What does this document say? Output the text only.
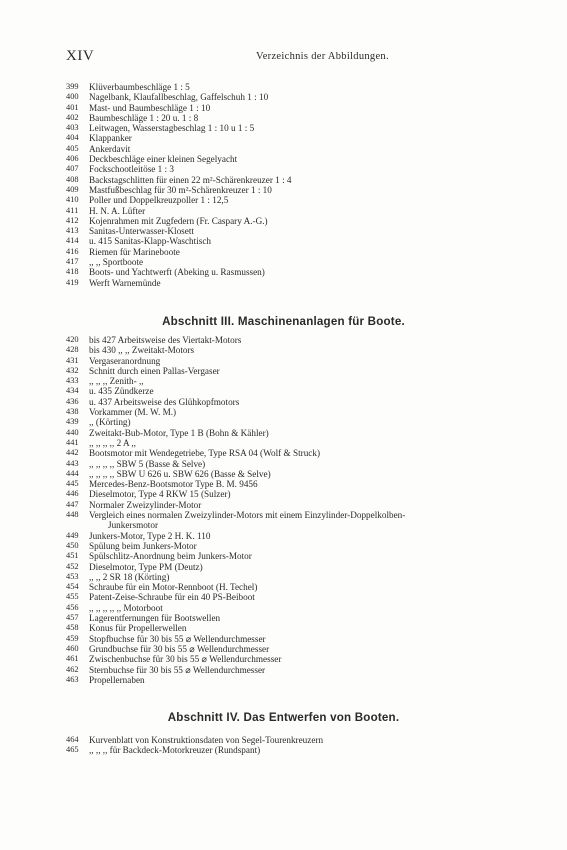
XIV	Verzeichnis der Abbildungen.
399	Klüverbaumbeschläge 1 : 5
400	Nagelbank, Klaufallbeschlag, Gaffelschuh 1 : 10
401	Mast- und Baumbeschläge 1 : 10
402	Baumbeschläge 1 : 20 u. 1 : 8
403	Leitwagen, Wasserstagbeschlag 1 : 10 u 1 : 5
404	Klappanker
405	Ankerdavit
406	Deckbeschläge einer kleinen Segelyacht
407	Fockschootleitöse 1 : 3
408	Backstagschlitten für einen 22 m²-Schärenkreuzer 1 : 4
409	Mastfußbeschlag für 30 m²-Schärenkreuzer 1 : 10
410	Poller und Doppelkreuzpoller 1 : 12,5
411	H. N. A. Lüfter
412	Kojenrahmen mit Zugfedern (Fr. Caspary A.-G.)
413	Sanitas-Unterwasser-Klosett
414	u. 415 Sanitas-Klapp-Waschtisch
416	Riemen für Marineboote
417	,, ,, Sportboote
418	Boots- und Yachtwerft (Abeking u. Rasmussen)
419	Werft Warnemünde
Abschnitt III. Maschinenanlagen für Boote.
420	bis 427 Arbeitsweise des Viertakt-Motors
428	bis 430 ,, ,, Zweitakt-Motors
431	Vergaseranordnung
432	Schnitt durch einen Pallas-Vergaser
433	,, ,, ,, Zenith- ,,
434	u. 435 Zündkerze
436	u. 437 Arbeitsweise des Glühkopfmotors
438	Vorkammer (M. W. M.)
439	,, (Körting)
440	Zweitakt-Bub-Motor, Type 1 B (Bohn & Kähler)
441	,, ,, ,, ,, 2 A ,,
442	Bootsmotor mit Wendegetriebe, Type RSA 04 (Wolf & Struck)
443	,, ,, ,, ,, SBW 5 (Basse & Selve)
444	,, ,, ,, ,, SBW U 626 u. SBW 626 (Basse & Selve)
445	Mercedes-Benz-Bootsmotor Type B. M. 9456
446	Dieselmotor, Type 4 RKW 15 (Sulzer)
447	Normaler Zweizylinder-Motor
448	Vergleich eines normalen Zweizylinder-Motors mit einem Einzylinder-Doppelkolben-
Junkersmotor
449	Junkers-Motor, Type 2 H. K. 110
450	Spülung beim Junkers-Motor
451	Spülschlitz-Anordnung beim Junkers-Motor
452	Dieselmotor, Type PM (Deutz)
453	,, ,, 2 SR 18 (Körting)
454	Schraube für ein Motor-Rennboot (H. Techel)
455	Patent-Zeise-Schraube für ein 40 PS-Beiboot
456	,, ,, ,, ,, ,, Motorboot
457	Lagerentfernungen für Bootswellen
458	Konus für Propellerwellen
459	Stopfbuchse für 30 bis 55 ⌀ Wellendurchmesser
460	Grundbuchse für 30 bis 55 ⌀ Wellendurchmesser
461	Zwischenbuchse für 30 bis 55 ⌀ Wellendurchmesser
462	Sternbuchse für 30 bis 55 ⌀ Wellendurchmesser
463	Propellernaben
Abschnitt IV. Das Entwerfen von Booten.
464	Kurvenblatt von Konstruktionsdaten von Segel-Tourenkreuzern
465	,, ,, ,, für Backdeck-Motorkreuzer (Rundspant)
